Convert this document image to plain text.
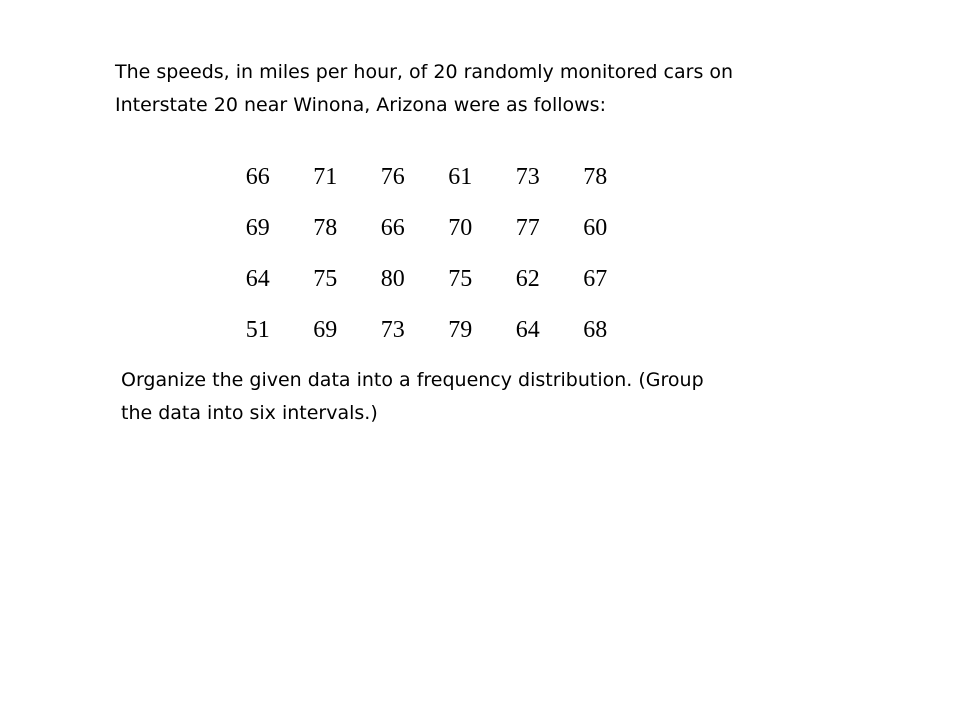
The speeds, in miles per hour, of 20 randomly monitored cars on
Interstate 20 near Winona, Arizona were as follows:

66	71	76	61	73	78
69	78	66	70	77	60
64	75	80	75	62	67
51	69	73	79	64	68

Organize the given data into a frequency distribution. (Group
the data into six intervals.)
